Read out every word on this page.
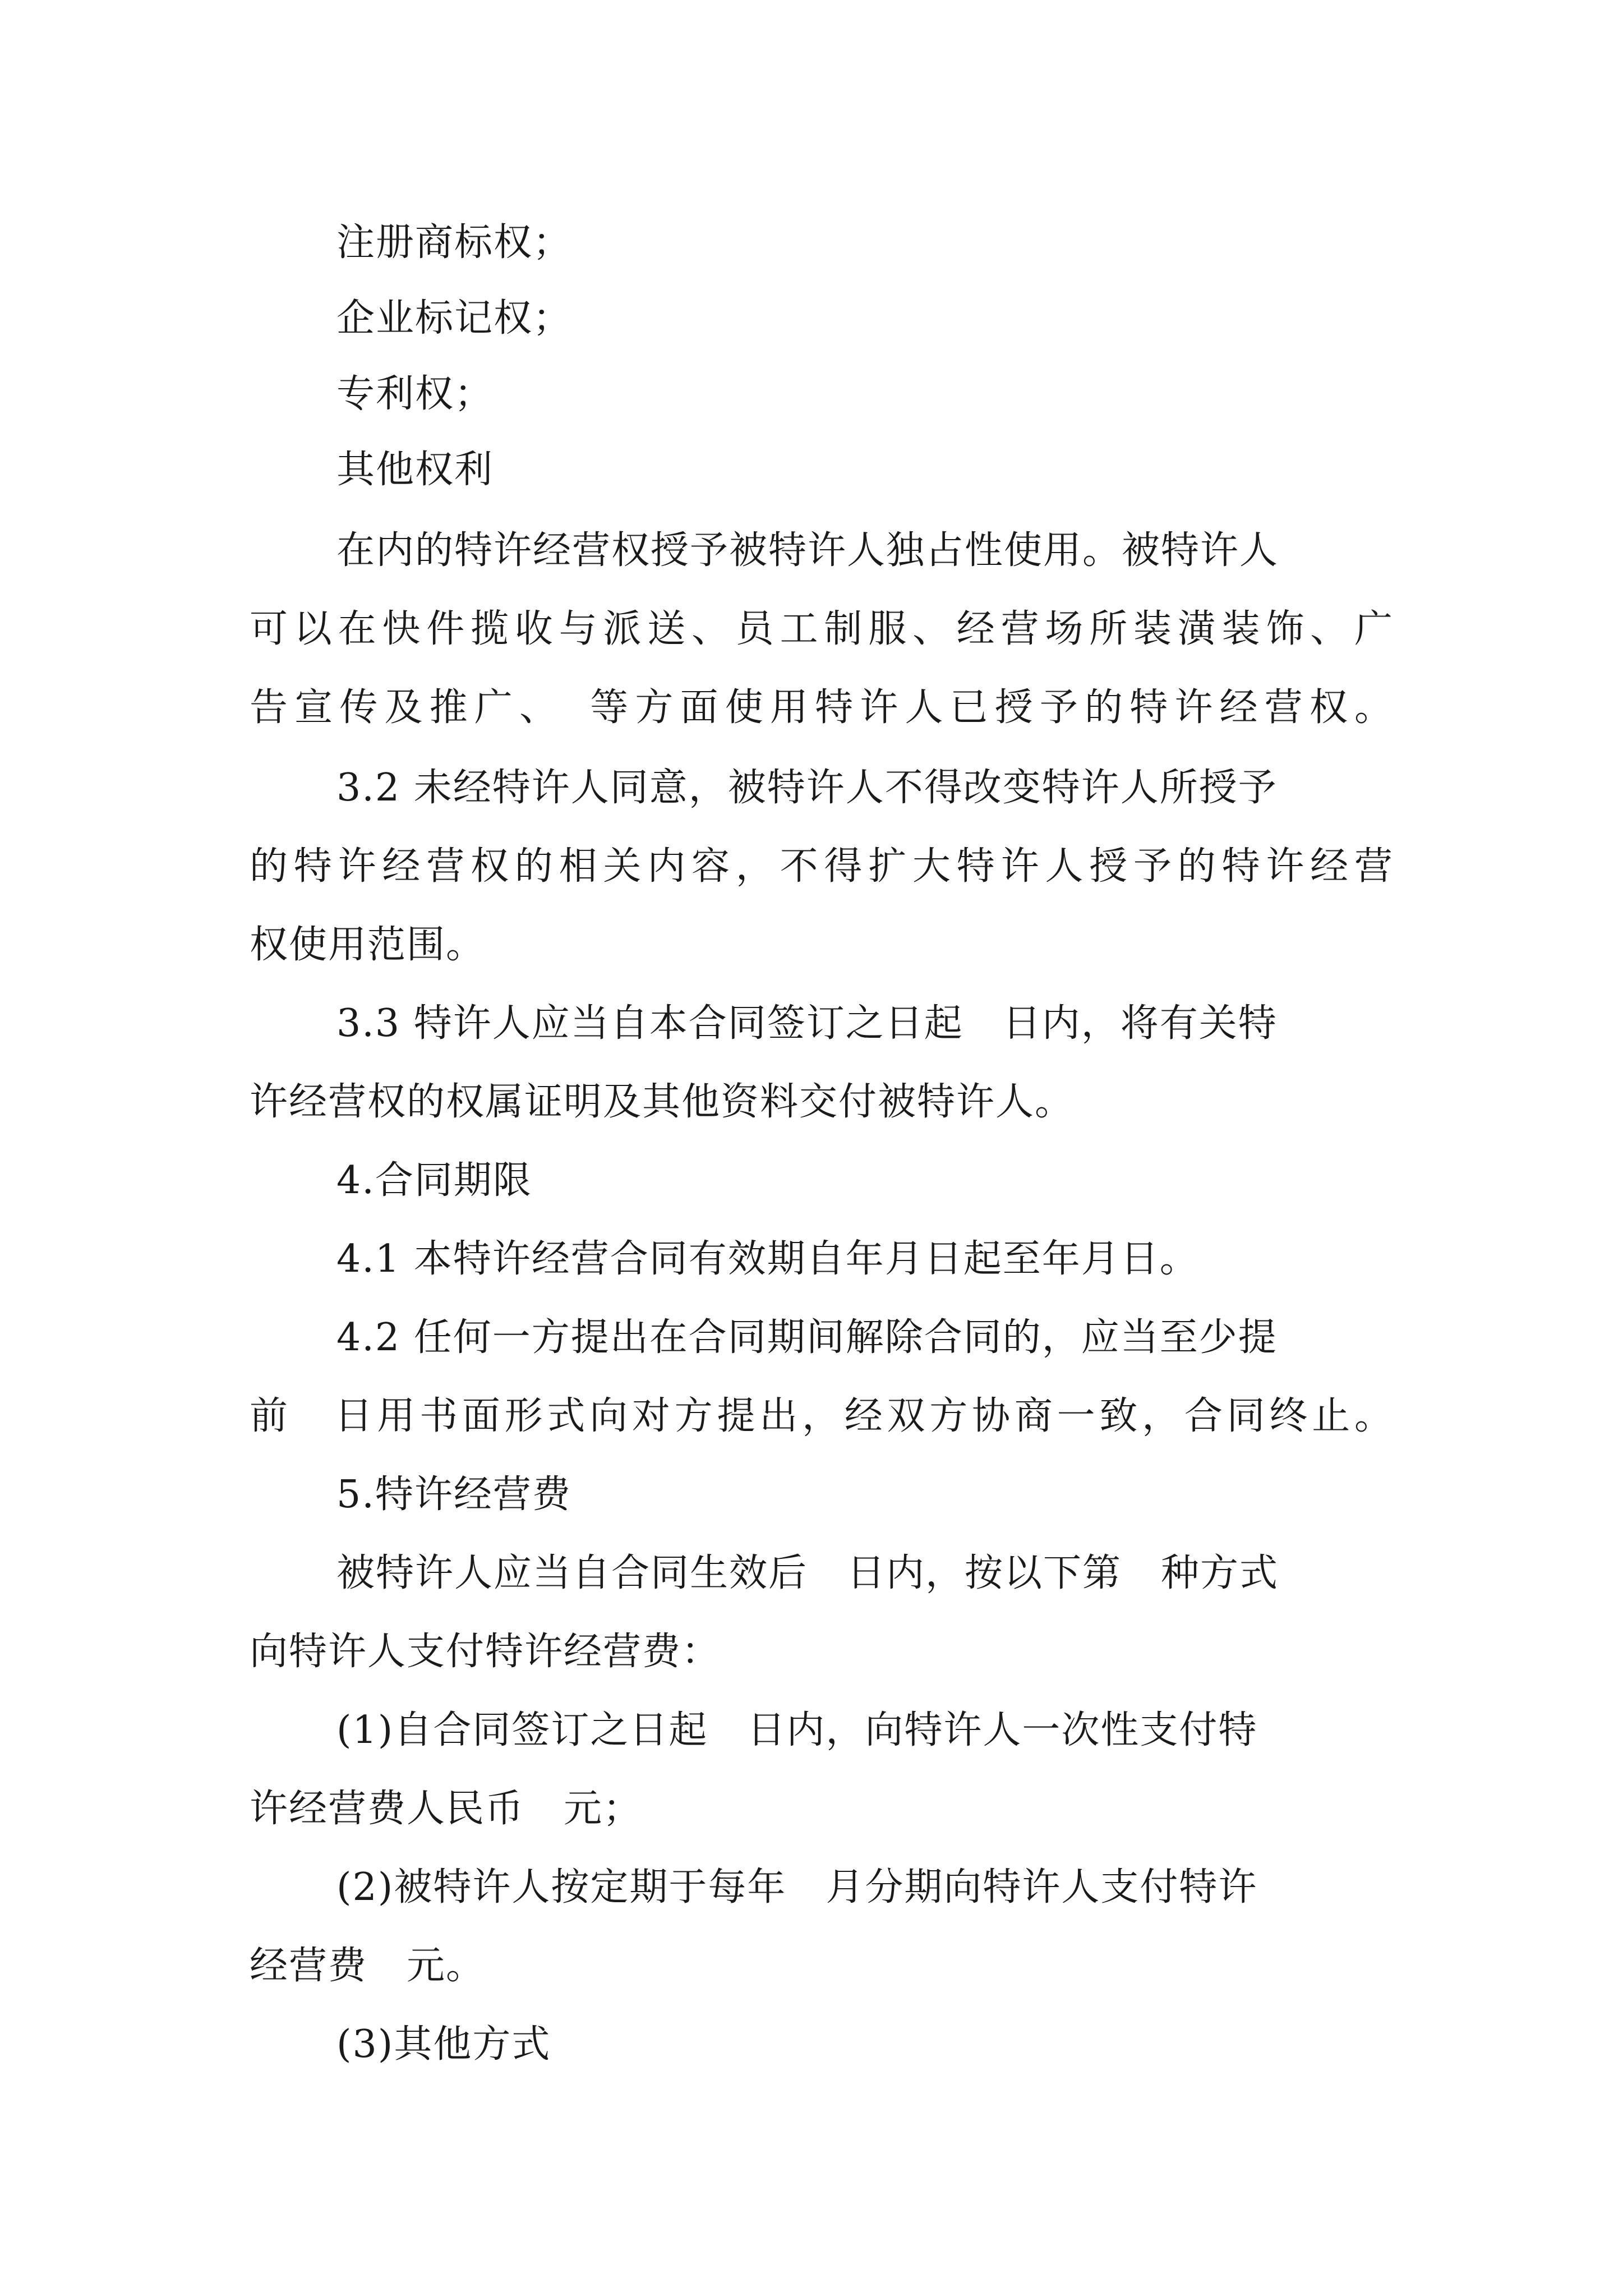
注册商标权；
企业标记权；
专利权；
其他权利
在内的特许经营权授予被特许人独占性使用。被特许人
可以在快件揽收与派送、员工制服、经营场所装潢装饰、广
告宣传及推广、　等方面使用特许人已授予的特许经营权。
3.2 未经特许人同意，被特许人不得改变特许人所授予
的特许经营权的相关内容，不得扩大特许人授予的特许经营
权使用范围。
3.3 特许人应当自本合同签订之日起　日内，将有关特
许经营权的权属证明及其他资料交付被特许人。
4.合同期限
4.1 本特许经营合同有效期自年月日起至年月日。
4.2 任何一方提出在合同期间解除合同的，应当至少提
前　日用书面形式向对方提出，经双方协商一致，合同终止。
5.特许经营费
被特许人应当自合同生效后　日内，按以下第　种方式
向特许人支付特许经营费：
(1)自合同签订之日起　日内，向特许人一次性支付特
许经营费人民币　元；
(2)被特许人按定期于每年　月分期向特许人支付特许
经营费　元。
(3)其他方式
